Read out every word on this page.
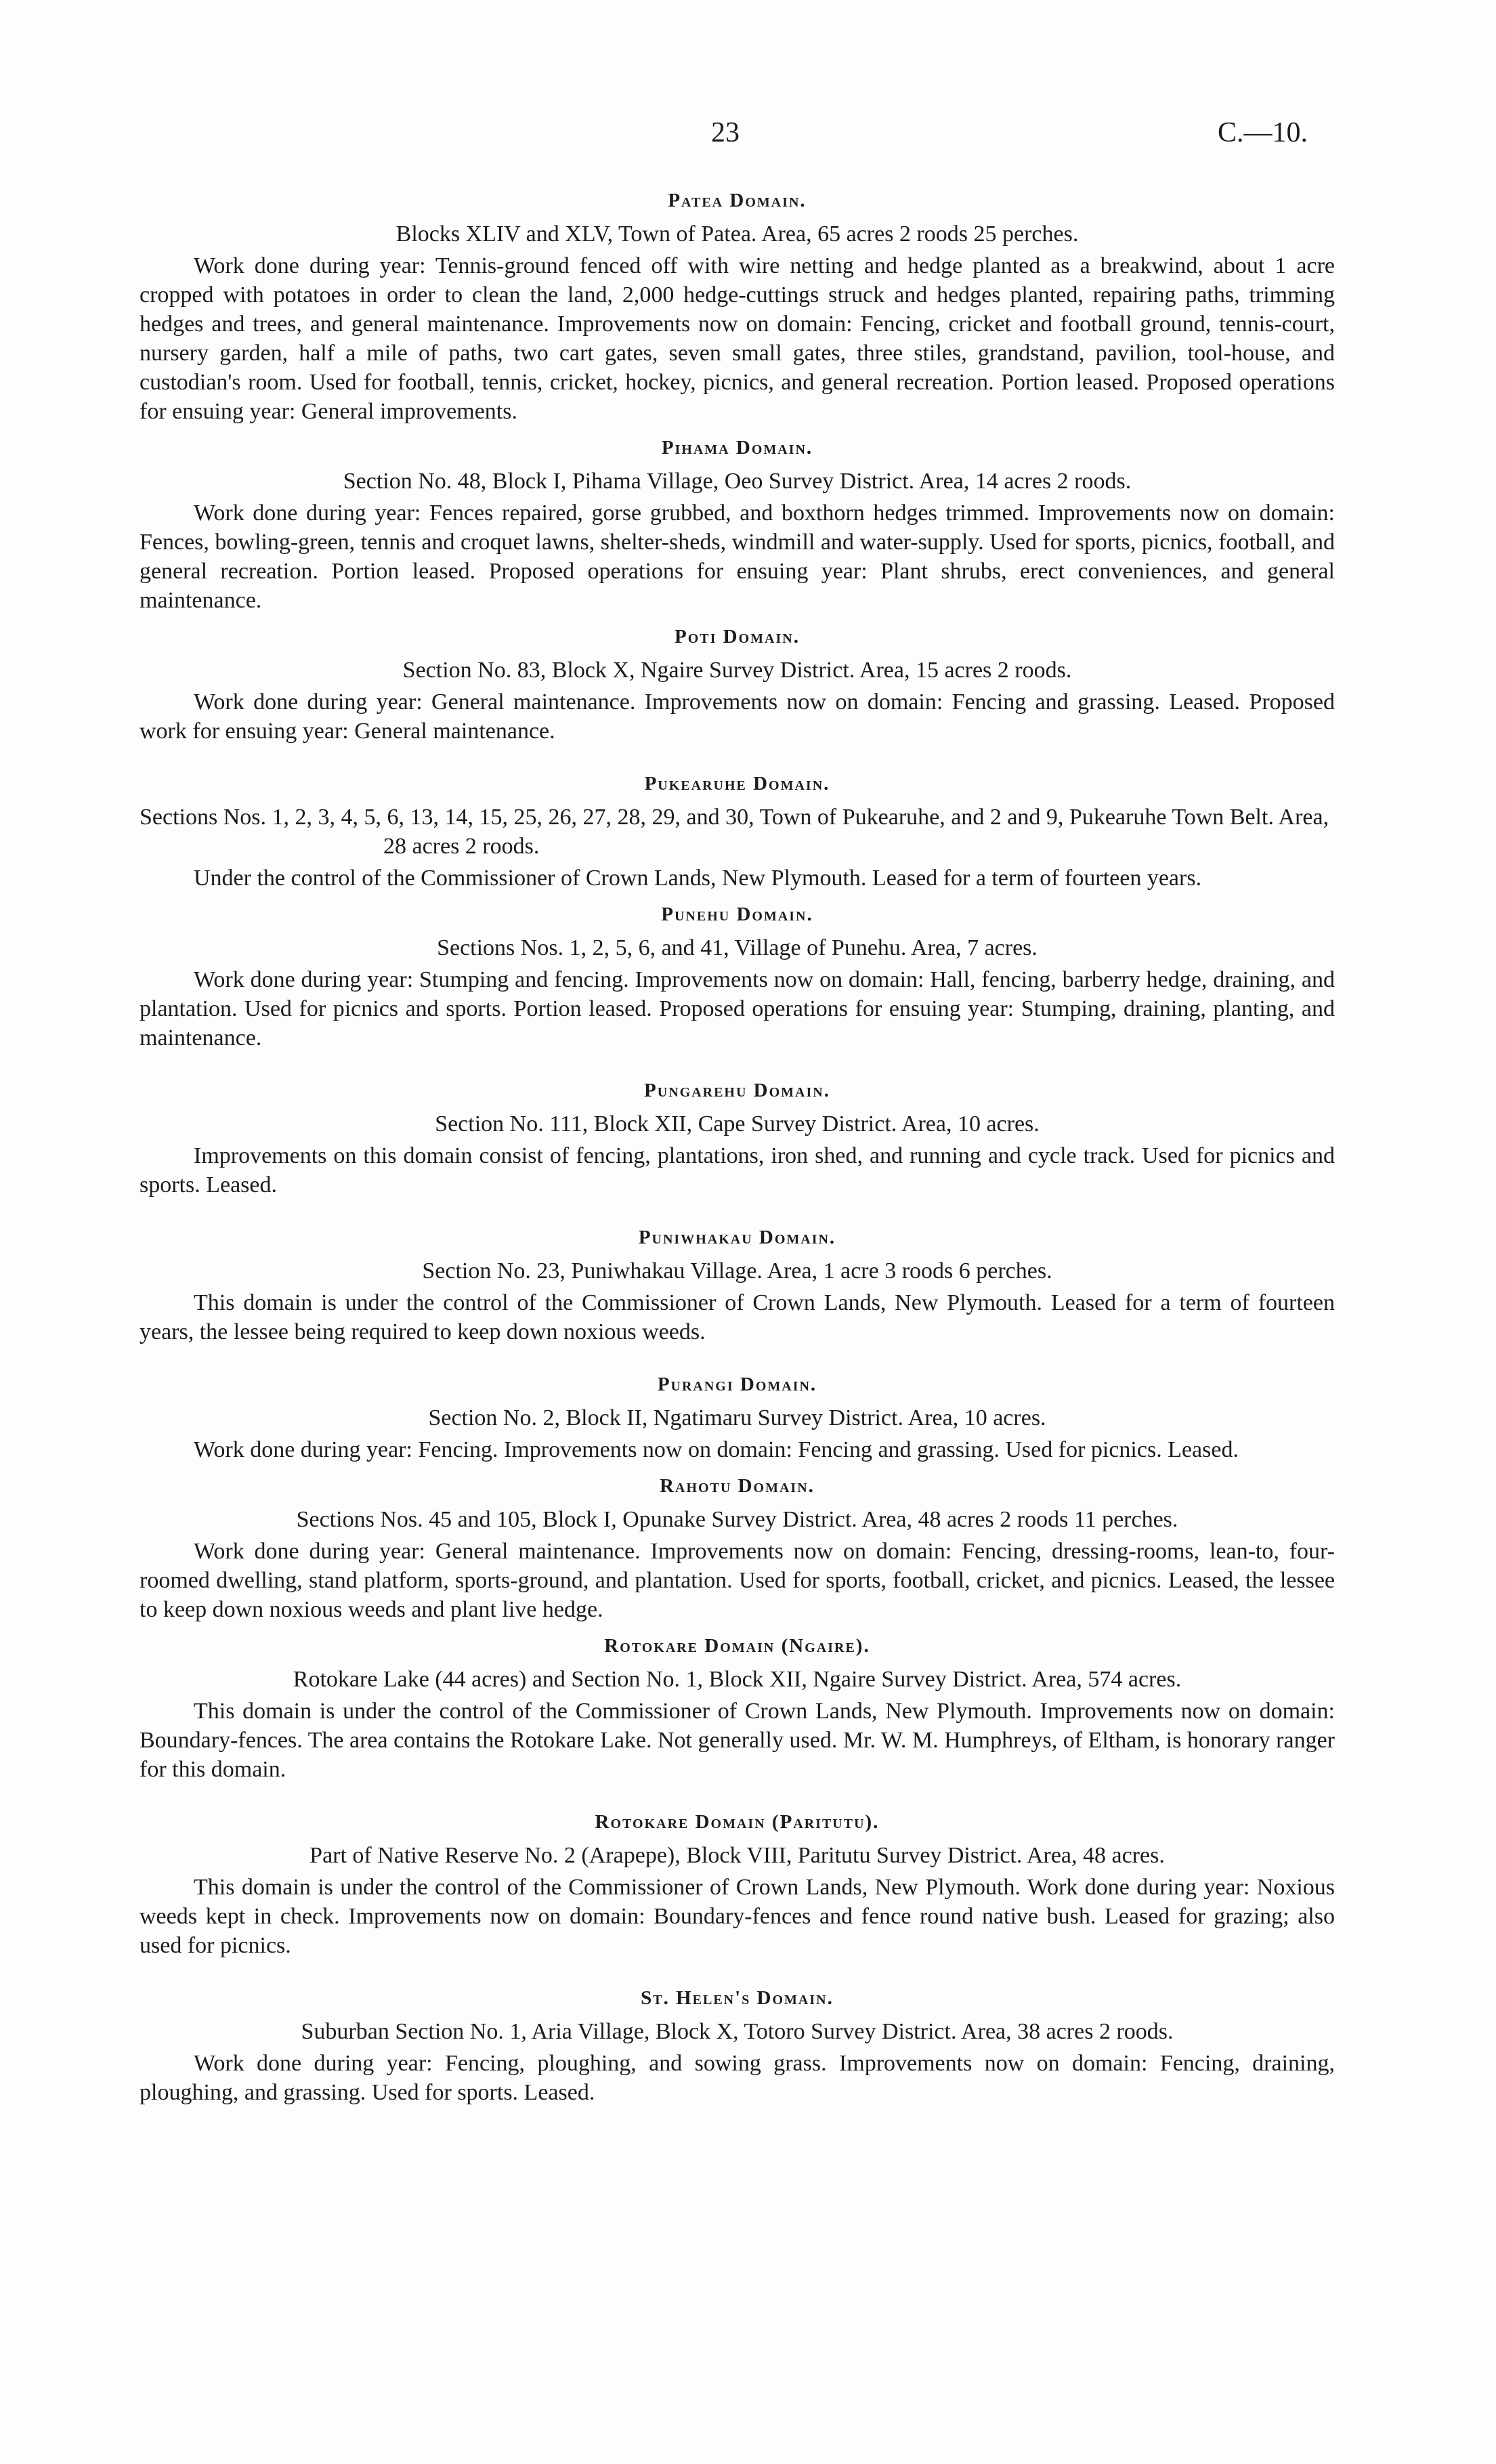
23	C.—10.
Patea Domain.

Blocks XLIV and XLV, Town of Patea. Area, 65 acres 2 roods 25 perches.

Work done during year: Tennis-ground fenced off with wire netting and hedge planted as a breakwind, about 1 acre cropped with potatoes in order to clean the land, 2,000 hedge-cuttings struck and hedges planted, repairing paths, trimming hedges and trees, and general maintenance. Improvements now on domain: Fencing, cricket and football ground, tennis-court, nursery garden, half a mile of paths, two cart gates, seven small gates, three stiles, grandstand, pavilion, tool-house, and custodian's room. Used for football, tennis, cricket, hockey, picnics, and general recreation. Portion leased. Proposed operations for ensuing year: General improvements.

Pihama Domain.

Section No. 48, Block I, Pihama Village, Oeo Survey District. Area, 14 acres 2 roods.

Work done during year: Fences repaired, gorse grubbed, and boxthorn hedges trimmed. Improvements now on domain: Fences, bowling-green, tennis and croquet lawns, shelter-sheds, windmill and water-supply. Used for sports, picnics, football, and general recreation. Portion leased. Proposed operations for ensuing year: Plant shrubs, erect conveniences, and general maintenance.

Poti Domain.

Section No. 83, Block X, Ngaire Survey District. Area, 15 acres 2 roods.

Work done during year: General maintenance. Improvements now on domain: Fencing and grassing. Leased. Proposed work for ensuing year: General maintenance.

Pukearuhe Domain.

Sections Nos. 1, 2, 3, 4, 5, 6, 13, 14, 15, 25, 26, 27, 28, 29, and 30, Town of Pukearuhe, and 2 and 9, Pukearuhe Town Belt. Area, 28 acres 2 roods.

Under the control of the Commissioner of Crown Lands, New Plymouth. Leased for a term of fourteen years.

Punehu Domain.

Sections Nos. 1, 2, 5, 6, and 41, Village of Punehu. Area, 7 acres.

Work done during year: Stumping and fencing. Improvements now on domain: Hall, fencing, barberry hedge, draining, and plantation. Used for picnics and sports. Portion leased. Proposed operations for ensuing year: Stumping, draining, planting, and maintenance.

Pungarehu Domain.

Section No. 111, Block XII, Cape Survey District. Area, 10 acres.

Improvements on this domain consist of fencing, plantations, iron shed, and running and cycle track. Used for picnics and sports. Leased.

Puniwhakau Domain.

Section No. 23, Puniwhakau Village. Area, 1 acre 3 roods 6 perches.

This domain is under the control of the Commissioner of Crown Lands, New Plymouth. Leased for a term of fourteen years, the lessee being required to keep down noxious weeds.

Purangi Domain.

Section No. 2, Block II, Ngatimaru Survey District. Area, 10 acres.

Work done during year: Fencing. Improvements now on domain: Fencing and grassing. Used for picnics. Leased.

Rahotu Domain.

Sections Nos. 45 and 105, Block I, Opunake Survey District. Area, 48 acres 2 roods 11 perches.

Work done during year: General maintenance. Improvements now on domain: Fencing, dressing-rooms, lean-to, four-roomed dwelling, stand platform, sports-ground, and plantation. Used for sports, football, cricket, and picnics. Leased, the lessee to keep down noxious weeds and plant live hedge.

Rotokare Domain (Ngaire).

Rotokare Lake (44 acres) and Section No. 1, Block XII, Ngaire Survey District. Area, 574 acres.

This domain is under the control of the Commissioner of Crown Lands, New Plymouth. Improvements now on domain: Boundary-fences. The area contains the Rotokare Lake. Not generally used. Mr. W. M. Humphreys, of Eltham, is honorary ranger for this domain.

Rotokare Domain (Paritutu).

Part of Native Reserve No. 2 (Arapepe), Block VIII, Paritutu Survey District. Area, 48 acres.

This domain is under the control of the Commissioner of Crown Lands, New Plymouth. Work done during year: Noxious weeds kept in check. Improvements now on domain: Boundary-fences and fence round native bush. Leased for grazing; also used for picnics.

St. Helen's Domain.

Suburban Section No. 1, Aria Village, Block X, Totoro Survey District. Area, 38 acres 2 roods.

Work done during year: Fencing, ploughing, and sowing grass. Improvements now on domain: Fencing, draining, ploughing, and grassing. Used for sports. Leased.
